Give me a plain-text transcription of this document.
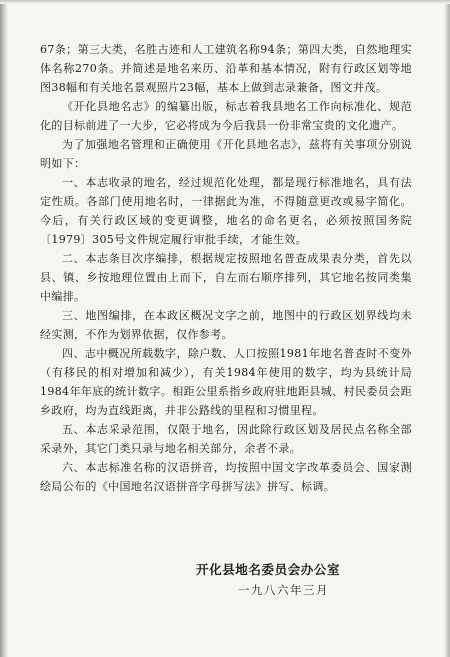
67条；第三大类，名胜古迹和人工建筑名称94条；第四大类，自然地理实体名称270条。并简述是地名来历、沿革和基本情况，附有行政区划等地图38幅和有关地名景观照片23幅，基本上做到志录兼备，图文并茂。

《开化县地名志》的编纂出版，标志着我县地名工作向标准化、规范化的目标前进了一大步，它必将成为今后我县一份非常宝贵的文化遗产。

为了加强地名管理和正确使用《开化县地名志》，兹将有关事项分别说明如下：

一、本志收录的地名，经过规范化处理，都是现行标准地名，具有法定性质。各部门使用地名时，一律据此为准，不得随意更改或易字简化。今后，有关行政区域的变更调整，地名的命名更名，必须按照国务院〔1979〕305号文件规定履行审批手续，才能生效。

二、本志条目次序编排，根据规定按照地名普查成果表分类，首先以县、镇、乡按地理位置由上而下，自左而右顺序排列，其它地名按同类集中编排。

三、地图编排，在本政区概况文字之前，地图中的行政区划界线均未经实测，不作为划界依据，仅作参考。

四、志中概况所载数字，除户数、人口按照1981年地名普查时不变外（有移民的相对增加和减少），有关1984年使用的数字，均为县统计局1984年年底的统计数字。相距公里系指乡政府驻地距县城、村民委员会距乡政府，均为直线距离，并非公路线的里程和习惯里程。

五、本志采录范围，仅限于地名，因此除行政区划及居民点名称全部采录外，其它门类只录与地名相关部分，余者不录。

六、本志标准名称的汉语拼音，均按照中国文字改革委员会、国家测绘局公布的《中国地名汉语拼音字母拼写法》拼写、标调。

开化县地名委员会办公室
一九八六年三月
